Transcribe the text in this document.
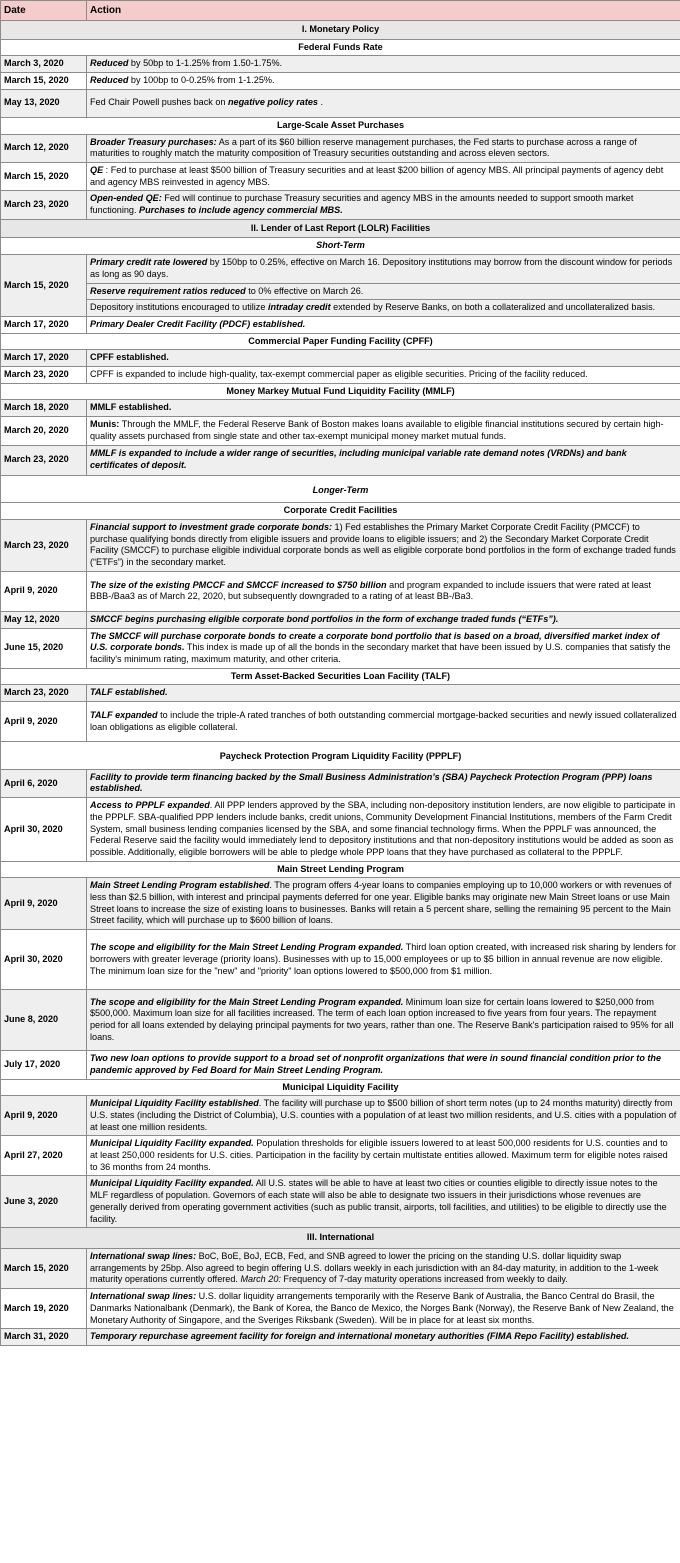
Date	Action
I. Monetary Policy	
Federal Funds Rate	
March 3, 2020	Reduced by 50bp to 1-1.25% from 1.50-1.75%.
March 15, 2020	Reduced by 100bp to 0-0.25% from 1-1.25%.
May 13, 2020	Fed Chair Powell pushes back on negative policy rates .
Large-Scale Asset Purchases	
March 12, 2020	Broader Treasury purchases: As a part of its $60 billion reserve management purchases, the Fed starts to purchase across a range of maturities to roughly match the maturity composition of Treasury securities outstanding and across eleven sectors.
March 15, 2020	QE : Fed to purchase at least $500 billion of Treasury securities and at least $200 billion of agency MBS. All principal payments of agency debt and agency MBS reinvested in agency MBS.
March 23, 2020	Open-ended QE: Fed will continue to purchase Treasury securities and agency MBS in the amounts needed to support smooth market functioning. Purchases to include agency commercial MBS.
II. Lender of Last Report (LOLR) Facilities	
Short-Term	
March 15, 2020	Primary credit rate lowered by 150bp to 0.25%, effective on March 16. Depository institutions may borrow from the discount window for periods as long as 90 days.
	Reserve requirement ratios reduced to 0% effective on March 26.
	Depository institutions encouraged to utilize intraday credit extended by Reserve Banks, on both a collateralized and uncollateralized basis.
March 17, 2020	Primary Dealer Credit Facility (PDCF) established.
Commercial Paper Funding Facility (CPFF)	
March 17, 2020	CPFF established.
March 23, 2020	CPFF is expanded to include high-quality, tax-exempt commercial paper as eligible securities. Pricing of the facility reduced.
Money Markey Mutual Fund Liquidity Facility (MMLF)	
March 18, 2020	MMLF established.
March 20, 2020	Munis: Through the MMLF, the Federal Reserve Bank of Boston makes loans available to eligible financial institutions secured by certain high-quality assets purchased from single state and other tax-exempt municipal money market mutual funds.
March 23, 2020	MMLF is expanded to include a wider range of securities, including municipal variable rate demand notes (VRDNs) and bank certificates of deposit.
Longer-Term	
Corporate Credit Facilities	
March 23, 2020	Financial support to investment grade corporate bonds: 1) Fed establishes the Primary Market Corporate Credit Facility (PMCCF) to purchase qualifying bonds directly from eligible issuers and provide loans to eligible issuers; and 2) the Secondary Market Corporate Credit Facility (SMCCF) to purchase eligible individual corporate bonds as well as eligible corporate bond portfolios in the form of exchange traded funds (“ETFs”) in the secondary market.
April 9, 2020	The size of the existing PMCCF and SMCCF increased to $750 billion and program expanded to include issuers that were rated at least BBB-/Baa3 as of March 22, 2020, but subsequently downgraded to a rating of at least BB-/Ba3.
May 12, 2020	SMCCF begins purchasing eligible corporate bond portfolios in the form of exchange traded funds (“ETFs”).
June 15, 2020	The SMCCF will purchase corporate bonds to create a corporate bond portfolio that is based on a broad, diversified market index of U.S. corporate bonds. This index is made up of all the bonds in the secondary market that have been issued by U.S. companies that satisfy the facility's minimum rating, maximum maturity, and other criteria.
Term Asset-Backed Securities Loan Facility (TALF)	
March 23, 2020	TALF established.
April 9, 2020	TALF expanded to include the triple-A rated tranches of both outstanding commercial mortgage-backed securities and newly issued collateralized loan obligations as eligible collateral.
Paycheck Protection Program Liquidity Facility (PPPLF)	
April 6, 2020	Facility to provide term financing backed by the Small Business Administration’s (SBA) Paycheck Protection Program (PPP) loans established.
April 30, 2020	Access to PPPLF expanded. All PPP lenders approved by the SBA, including non-depository institution lenders, are now eligible to participate in the PPPLF. SBA-qualified PPP lenders include banks, credit unions, Community Development Financial Institutions, members of the Farm Credit System, small business lending companies licensed by the SBA, and some financial technology firms. When the PPPLF was announced, the Federal Reserve said the facility would immediately lend to depository institutions and that non-depository institutions would be added as soon as possible. Additionally, eligible borrowers will be able to pledge whole PPP loans that they have purchased as collateral to the PPPLF.
Main Street Lending Program	
April 9, 2020	Main Street Lending Program established. The program offers 4-year loans to companies employing up to 10,000 workers or with revenues of less than $2.5 billion, with interest and principal payments deferred for one year. Eligible banks may originate new Main Street loans or use Main Street loans to increase the size of existing loans to businesses. Banks will retain a 5 percent share, selling the remaining 95 percent to the Main Street facility, which will purchase up to $600 billion of loans.
April 30, 2020	The scope and eligibility for the Main Street Lending Program expanded. Third loan option created, with increased risk sharing by lenders for borrowers with greater leverage (priority loans). Businesses with up to 15,000 employees or up to $5 billion in annual revenue are now eligible. The minimum loan size for the "new" and "priority" loan options lowered to $500,000 from $1 million.
June 8, 2020	The scope and eligibility for the Main Street Lending Program expanded. Minimum loan size for certain loans lowered to $250,000 from $500,000. Maximum loan size for all facilities increased. The term of each loan option increased to five years from four years. The repayment period for all loans extended by delaying principal payments for two years, rather than one. The Reserve Bank's participation raised to 95% for all loans.
July 17, 2020	Two new loan options to provide support to a broad set of nonprofit organizations that were in sound financial condition prior to the pandemic approved by Fed Board for Main Street Lending Program.
Municipal Liquidity Facility	
April 9, 2020	Municipal Liquidity Facility established. The facility will purchase up to $500 billion of short term notes (up to 24 months maturity) directly from U.S. states (including the District of Columbia), U.S. counties with a population of at least two million residents, and U.S. cities with a population of at least one million residents.
April 27, 2020	Municipal Liquidity Facility expanded. Population thresholds for eligible issuers lowered to at least 500,000 residents for U.S. counties and to at least 250,000 residents for U.S. cities. Participation in the facility by certain multistate entities allowed. Maximum term for eligible notes raised to 36 months from 24 months.
June 3, 2020	Municipal Liquidity Facility expanded. All U.S. states will be able to have at least two cities or counties eligible to directly issue notes to the MLF regardless of population. Governors of each state will also be able to designate two issuers in their jurisdictions whose revenues are generally derived from operating government activities (such as public transit, airports, toll facilities, and utilities) to be eligible to directly use the facility.
III. International	
March 15, 2020	International swap lines: BoC, BoE, BoJ, ECB, Fed, and SNB agreed to lower the pricing on the standing U.S. dollar liquidity swap arrangements by 25bp. Also agreed to begin offering U.S. dollars weekly in each jurisdiction with an 84-day maturity, in addition to the 1-week maturity operations currently offered. March 20: Frequency of 7-day maturity operations increased from weekly to daily.
March 19, 2020	International swap lines: U.S. dollar liquidity arrangements temporarily with the Reserve Bank of Australia, the Banco Central do Brasil, the Danmarks Nationalbank (Denmark), the Bank of Korea, the Banco de Mexico, the Norges Bank (Norway), the Reserve Bank of New Zealand, the Monetary Authority of Singapore, and the Sveriges Riksbank (Sweden). Will be in place for at least six months.
March 31, 2020	Temporary repurchase agreement facility for foreign and international monetary authorities (FIMA Repo Facility) established.
